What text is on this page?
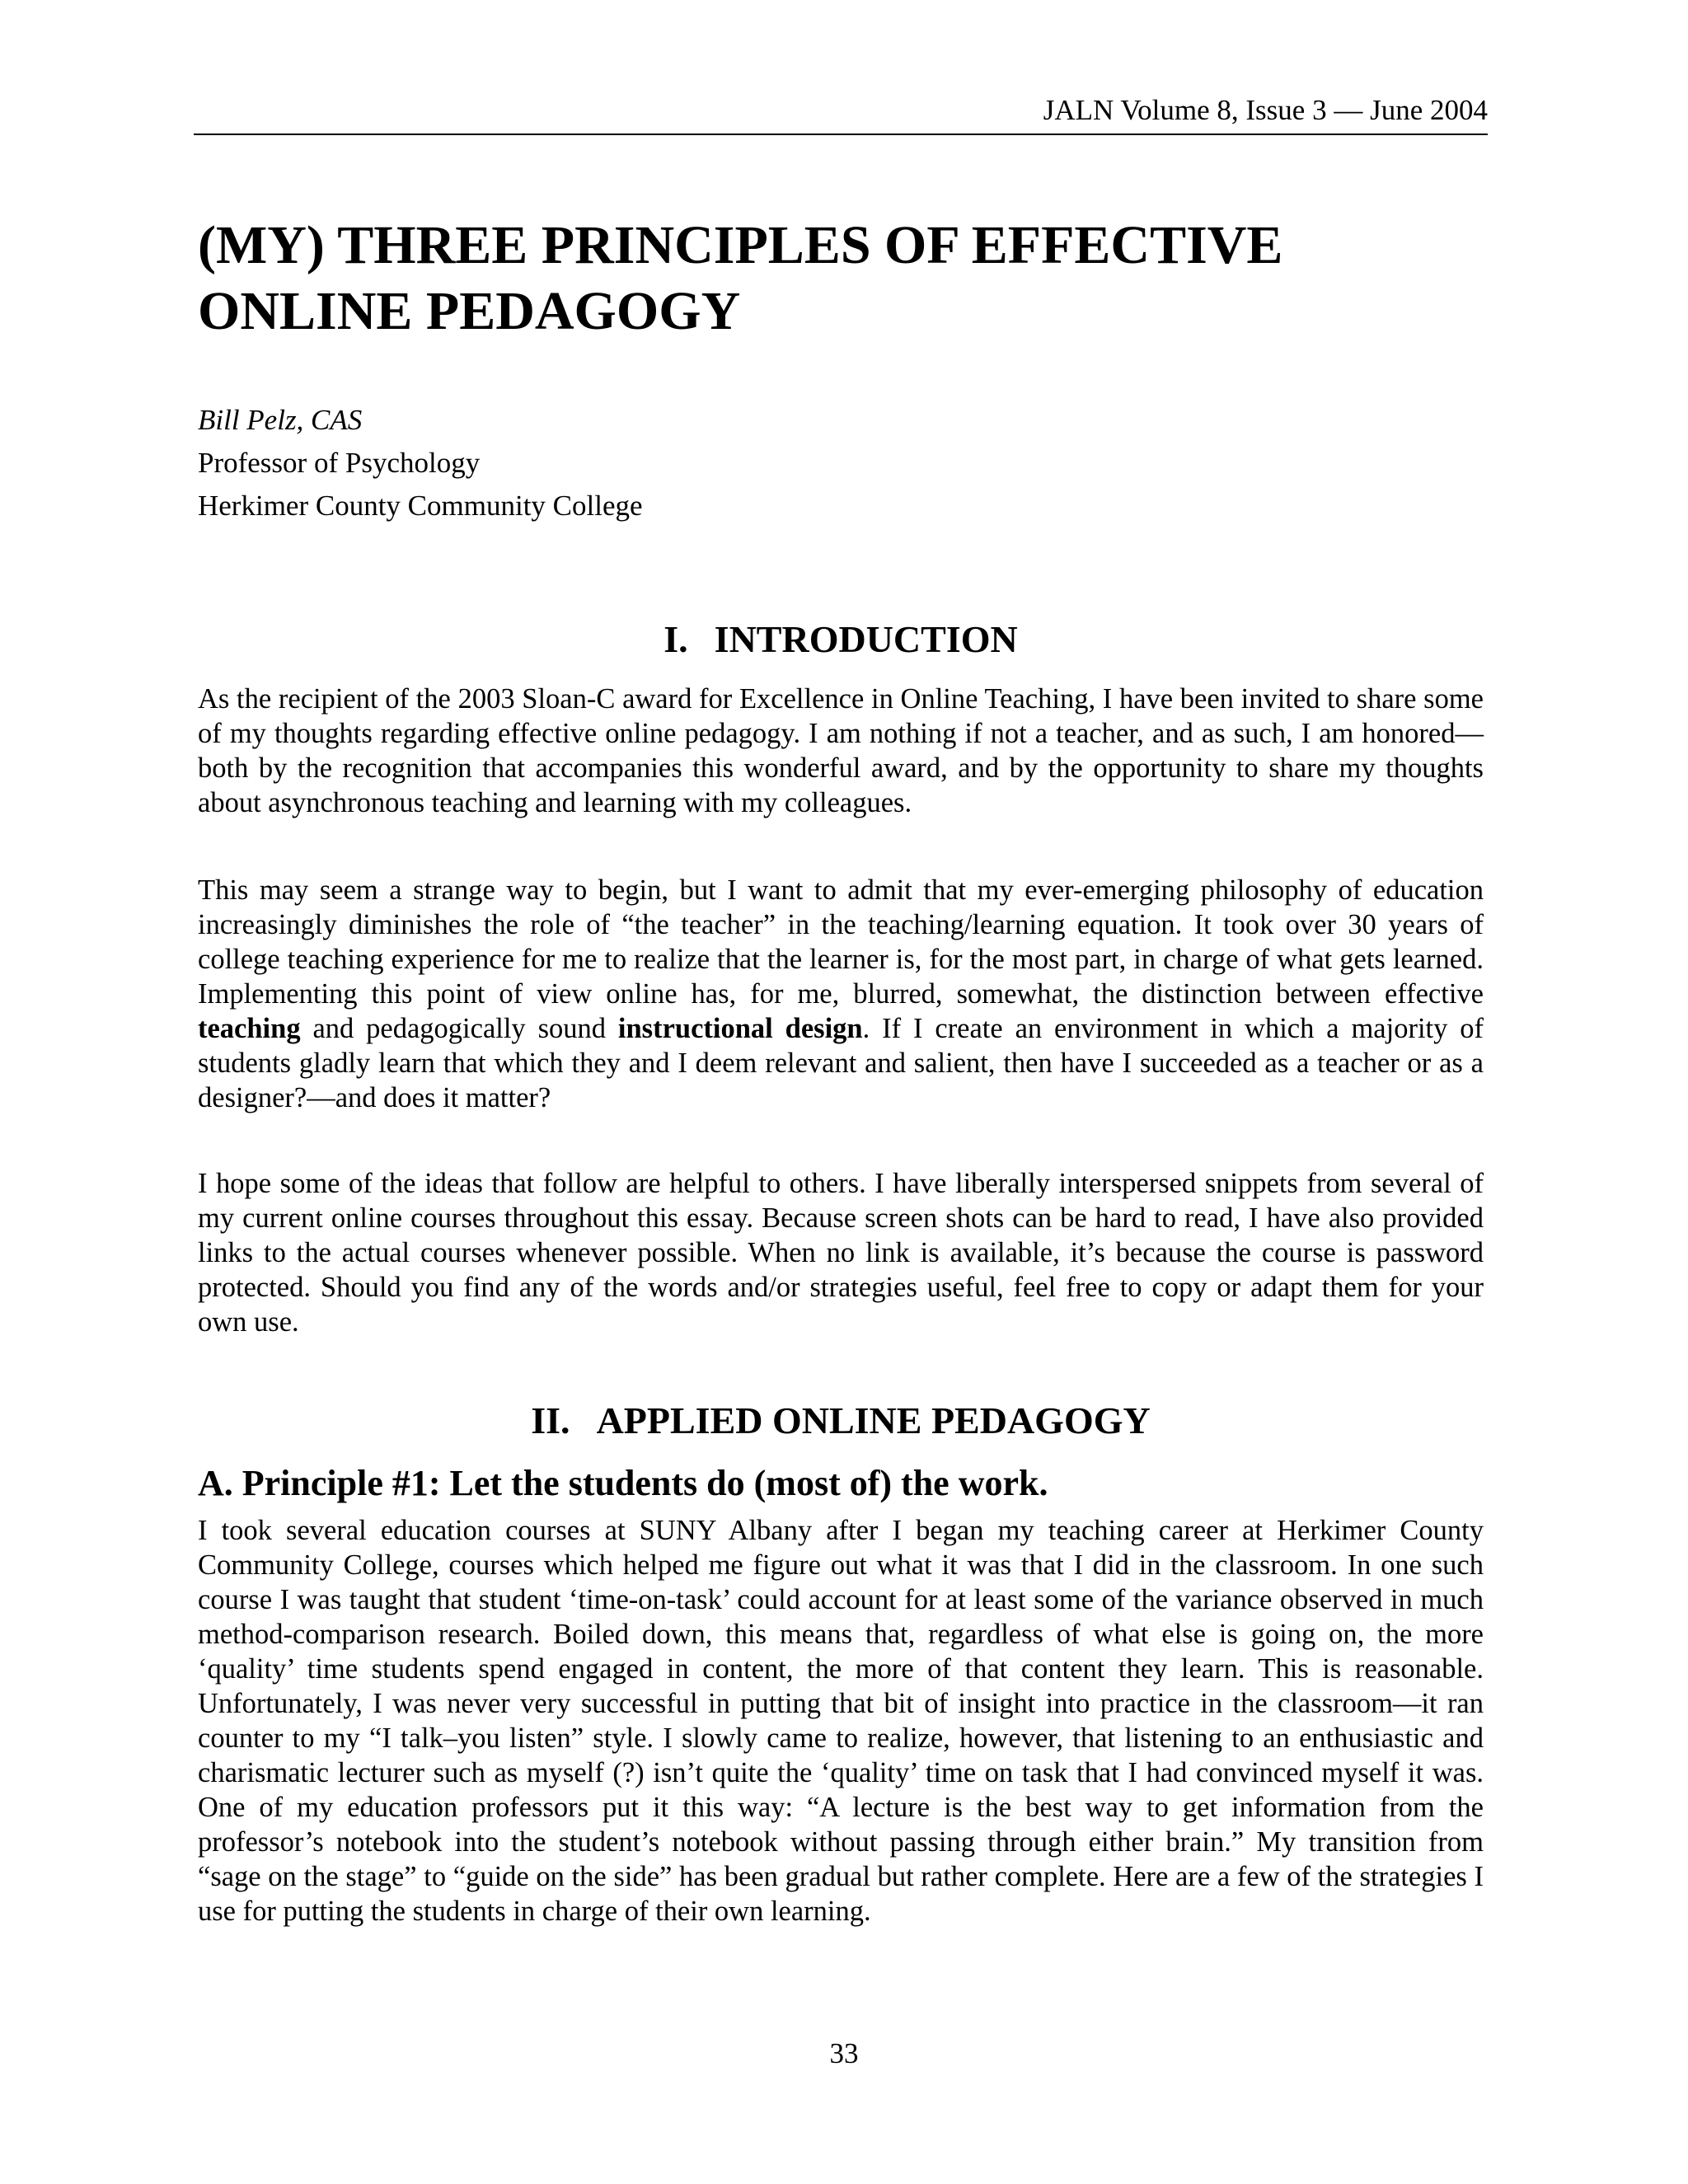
JALN Volume 8, Issue 3 — June 2004
(MY) THREE PRINCIPLES OF EFFECTIVE
ONLINE PEDAGOGY
Bill Pelz, CAS
Professor of Psychology
Herkimer County Community College
I. INTRODUCTION

As the recipient of the 2003 Sloan-C award for Excellence in Online Teaching, I have been invited to share some of my thoughts regarding effective online pedagogy. I am nothing if not a teacher, and as such, I am honored—both by the recognition that accompanies this wonderful award, and by the opportunity to share my thoughts about asynchronous teaching and learning with my colleagues.

This may seem a strange way to begin, but I want to admit that my ever-emerging philosophy of education increasingly diminishes the role of “the teacher” in the teaching/learning equation. It took over 30 years of college teaching experience for me to realize that the learner is, for the most part, in charge of what gets learned. Implementing this point of view online has, for me, blurred, somewhat, the distinction between effective teaching and pedagogically sound instructional design. If I create an environment in which a majority of students gladly learn that which they and I deem relevant and salient, then have I succeeded as a teacher or as a designer?—and does it matter?

I hope some of the ideas that follow are helpful to others. I have liberally interspersed snippets from several of my current online courses throughout this essay. Because screen shots can be hard to read, I have also provided links to the actual courses whenever possible. When no link is available, it’s because the course is password protected. Should you find any of the words and/or strategies useful, feel free to copy or adapt them for your own use.

II. APPLIED ONLINE PEDAGOGY
A. Principle #1: Let the students do (most of) the work.

I took several education courses at SUNY Albany after I began my teaching career at Herkimer County Community College, courses which helped me figure out what it was that I did in the classroom. In one such course I was taught that student ‘time-on-task’ could account for at least some of the variance observed in much method-comparison research. Boiled down, this means that, regardless of what else is going on, the more ‘quality’ time students spend engaged in content, the more of that content they learn. This is reasonable. Unfortunately, I was never very successful in putting that bit of insight into practice in the classroom—it ran counter to my “I talk–you listen” style. I slowly came to realize, however, that listening to an enthusiastic and charismatic lecturer such as myself (?) isn’t quite the ‘quality’ time on task that I had convinced myself it was. One of my education professors put it this way: “A lecture is the best way to get information from the professor’s notebook into the student’s notebook without passing through either brain.” My transition from “sage on the stage” to “guide on the side” has been gradual but rather complete. Here are a few of the strategies I use for putting the students in charge of their own learning.

33
